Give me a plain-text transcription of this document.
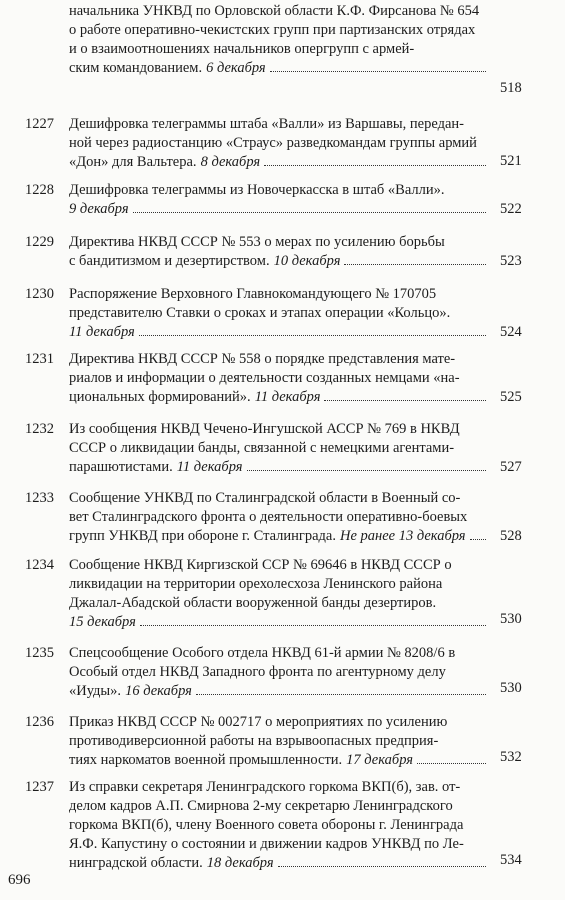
начальника УНКВД по Орловской области К.Ф. Фирсанова № 654
о работе оперативно-чекистских групп при партизанских отрядах
и о взаимоотношениях начальников опергрупп с армей-
ским командованием. 6 декабря
518
1227 Дешифровка телеграммы штаба «Валли» из Варшавы, передан-
ной через радиостанцию «Страус» разведкомандам группы армий
«Дон» для Вальтера. 8 декабря	521
1228 Дешифровка телеграммы из Новочеркасска в штаб «Валли».
9 декабря	522
1229 Директива НКВД СССР № 553 о мерах по усилению борьбы
с бандитизмом и дезертирством. 10 декабря	523
1230 Распоряжение Верховного Главнокомандующего № 170705
представителю Ставки о сроках и этапах операции «Кольцо».
11 декабря	524
1231 Директива НКВД СССР № 558 о порядке представления мате-
риалов и информации о деятельности созданных немцами «на-
циональных формирований». 11 декабря	525
1232 Из сообщения НКВД Чечено-Ингушской АССР № 769 в НКВД
СССР о ликвидации банды, связанной с немецкими агентами-
парашютистами. 11 декабря	527
1233 Сообщение УНКВД по Сталинградской области в Военный со-
вет Сталинградского фронта о деятельности оперативно-боевых
групп УНКВД при обороне г. Сталинграда. Не ранее 13 декабря 528
1234 Сообщение НКВД Киргизской ССР № 69646 в НКВД СССР о
ликвидации на территории орехолесхоза Ленинского района
Джалал-Абадской области вооруженной банды дезертиров.
15 декабря	530
1235 Спецсообщение Особого отдела НКВД 61-й армии № 8208/6 в
Особый отдел НКВД Западного фронта по агентурному делу
«Иуды». 16 декабря	530
1236 Приказ НКВД СССР № 002717 о мероприятиях по усилению
противодиверсионной работы на взрывоопасных предприя-
тиях наркоматов военной промышленности. 17 декабря	532
1237 Из справки секретаря Ленинградского горкома ВКП(б), зав. от-
делом кадров А.П. Смирнова 2-му секретарю Ленинградского
горкома ВКП(б), члену Военного совета обороны г. Ленинграда
Я.Ф. Капустину о состоянии и движении кадров УНКВД по Ле-
нинградской области. 18 декабря	534
696
